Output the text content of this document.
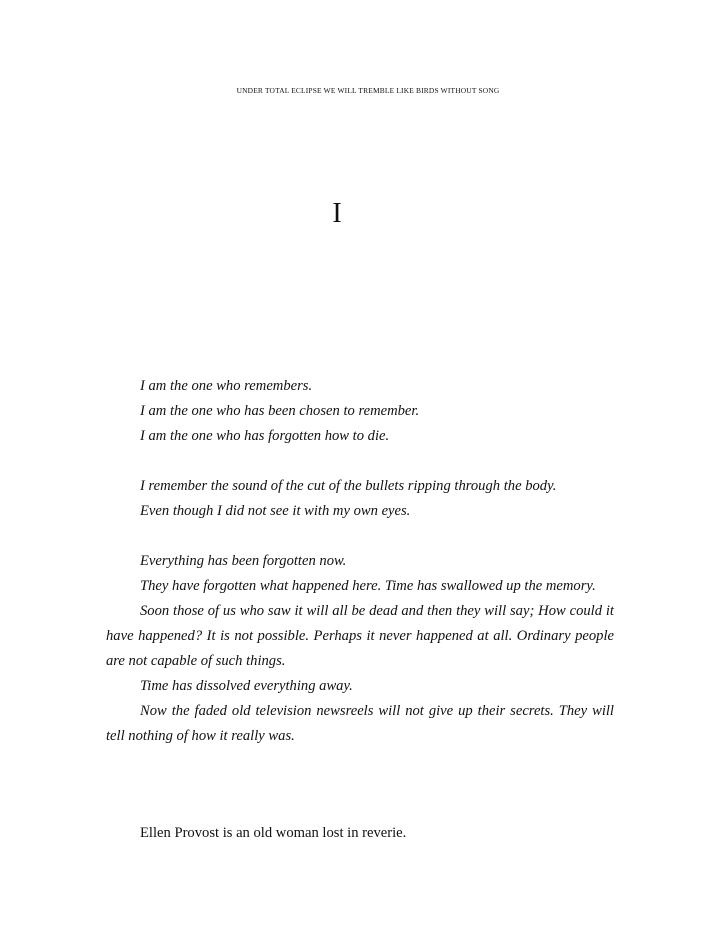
UNDER TOTAL ECLIPSE WE WILL TREMBLE LIKE BIRDS WITHOUT SONG
I
I am the one who remembers.
I am the one who has been chosen to remember.
I am the one who has forgotten how to die.
I remember the sound of the cut of the bullets ripping through the body.
Even though I did not see it with my own eyes.
Everything has been forgotten now.
They have forgotten what happened here. Time has swallowed up the memory.

Soon those of us who saw it will all be dead and then they will say; How could it have happened? It is not possible. Perhaps it never happened at all. Ordinary people are not capable of such things.

Time has dissolved everything away.

Now the faded old television newsreels will not give up their secrets. They will tell nothing of how it really was.

Ellen Provost is an old woman lost in reverie.
